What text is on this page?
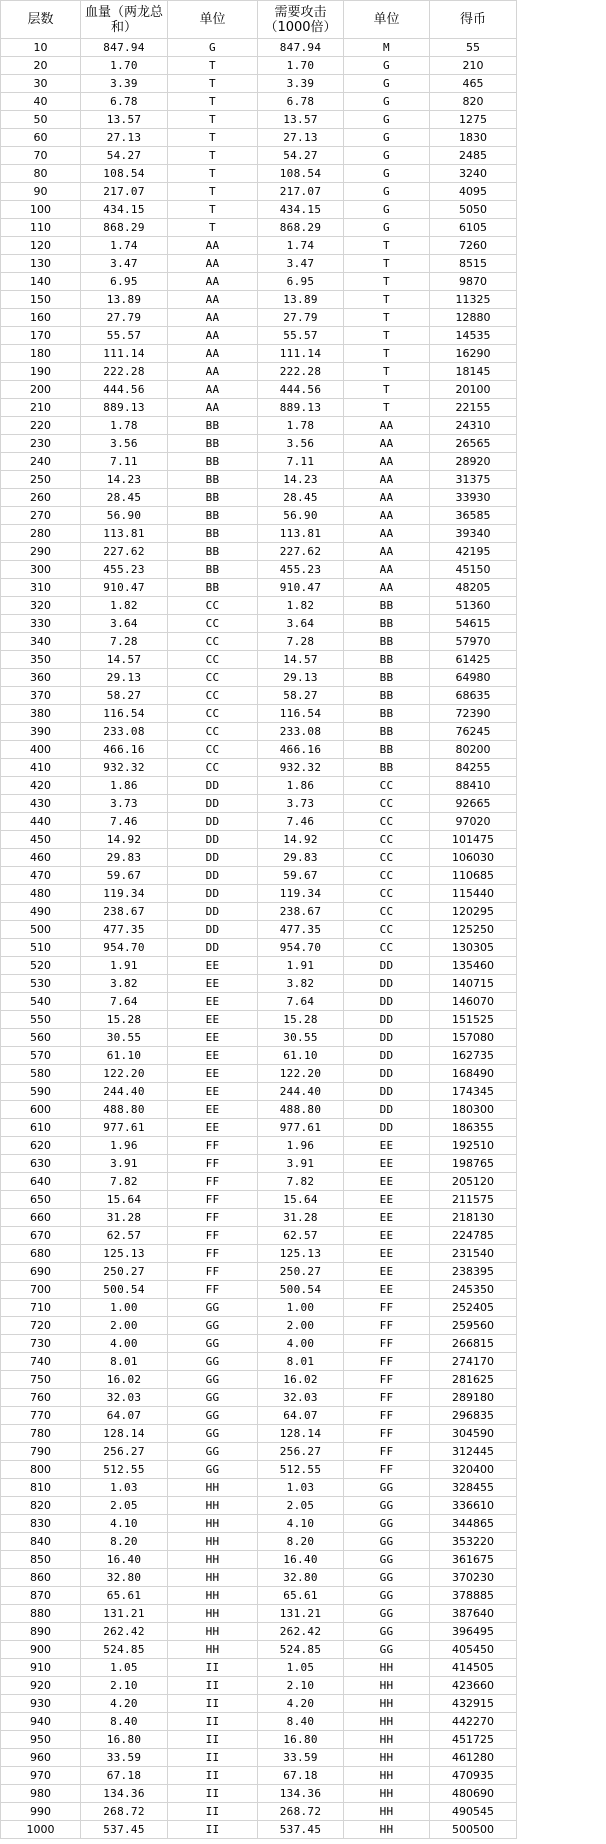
层数	血量（两龙总和）	单位	需要攻击（1000倍）	单位	得币
10	847.94	G	847.94	M	55
20	1.70	T	1.70	G	210
30	3.39	T	3.39	G	465
40	6.78	T	6.78	G	820
50	13.57	T	13.57	G	1275
60	27.13	T	27.13	G	1830
70	54.27	T	54.27	G	2485
80	108.54	T	108.54	G	3240
90	217.07	T	217.07	G	4095
100	434.15	T	434.15	G	5050
110	868.29	T	868.29	G	6105
120	1.74	AA	1.74	T	7260
130	3.47	AA	3.47	T	8515
140	6.95	AA	6.95	T	9870
150	13.89	AA	13.89	T	11325
160	27.79	AA	27.79	T	12880
170	55.57	AA	55.57	T	14535
180	111.14	AA	111.14	T	16290
190	222.28	AA	222.28	T	18145
200	444.56	AA	444.56	T	20100
210	889.13	AA	889.13	T	22155
220	1.78	BB	1.78	AA	24310
230	3.56	BB	3.56	AA	26565
240	7.11	BB	7.11	AA	28920
250	14.23	BB	14.23	AA	31375
260	28.45	BB	28.45	AA	33930
270	56.90	BB	56.90	AA	36585
280	113.81	BB	113.81	AA	39340
290	227.62	BB	227.62	AA	42195
300	455.23	BB	455.23	AA	45150
310	910.47	BB	910.47	AA	48205
320	1.82	CC	1.82	BB	51360
330	3.64	CC	3.64	BB	54615
340	7.28	CC	7.28	BB	57970
350	14.57	CC	14.57	BB	61425
360	29.13	CC	29.13	BB	64980
370	58.27	CC	58.27	BB	68635
380	116.54	CC	116.54	BB	72390
390	233.08	CC	233.08	BB	76245
400	466.16	CC	466.16	BB	80200
410	932.32	CC	932.32	BB	84255
420	1.86	DD	1.86	CC	88410
430	3.73	DD	3.73	CC	92665
440	7.46	DD	7.46	CC	97020
450	14.92	DD	14.92	CC	101475
460	29.83	DD	29.83	CC	106030
470	59.67	DD	59.67	CC	110685
480	119.34	DD	119.34	CC	115440
490	238.67	DD	238.67	CC	120295
500	477.35	DD	477.35	CC	125250
510	954.70	DD	954.70	CC	130305
520	1.91	EE	1.91	DD	135460
530	3.82	EE	3.82	DD	140715
540	7.64	EE	7.64	DD	146070
550	15.28	EE	15.28	DD	151525
560	30.55	EE	30.55	DD	157080
570	61.10	EE	61.10	DD	162735
580	122.20	EE	122.20	DD	168490
590	244.40	EE	244.40	DD	174345
600	488.80	EE	488.80	DD	180300
610	977.61	EE	977.61	DD	186355
620	1.96	FF	1.96	EE	192510
630	3.91	FF	3.91	EE	198765
640	7.82	FF	7.82	EE	205120
650	15.64	FF	15.64	EE	211575
660	31.28	FF	31.28	EE	218130
670	62.57	FF	62.57	EE	224785
680	125.13	FF	125.13	EE	231540
690	250.27	FF	250.27	EE	238395
700	500.54	FF	500.54	EE	245350
710	1.00	GG	1.00	FF	252405
720	2.00	GG	2.00	FF	259560
730	4.00	GG	4.00	FF	266815
740	8.01	GG	8.01	FF	274170
750	16.02	GG	16.02	FF	281625
760	32.03	GG	32.03	FF	289180
770	64.07	GG	64.07	FF	296835
780	128.14	GG	128.14	FF	304590
790	256.27	GG	256.27	FF	312445
800	512.55	GG	512.55	FF	320400
810	1.03	HH	1.03	GG	328455
820	2.05	HH	2.05	GG	336610
830	4.10	HH	4.10	GG	344865
840	8.20	HH	8.20	GG	353220
850	16.40	HH	16.40	GG	361675
860	32.80	HH	32.80	GG	370230
870	65.61	HH	65.61	GG	378885
880	131.21	HH	131.21	GG	387640
890	262.42	HH	262.42	GG	396495
900	524.85	HH	524.85	GG	405450
910	1.05	II	1.05	HH	414505
920	2.10	II	2.10	HH	423660
930	4.20	II	4.20	HH	432915
940	8.40	II	8.40	HH	442270
950	16.80	II	16.80	HH	451725
960	33.59	II	33.59	HH	461280
970	67.18	II	67.18	HH	470935
980	134.36	II	134.36	HH	480690
990	268.72	II	268.72	HH	490545
1000	537.45	II	537.45	HH	500500
